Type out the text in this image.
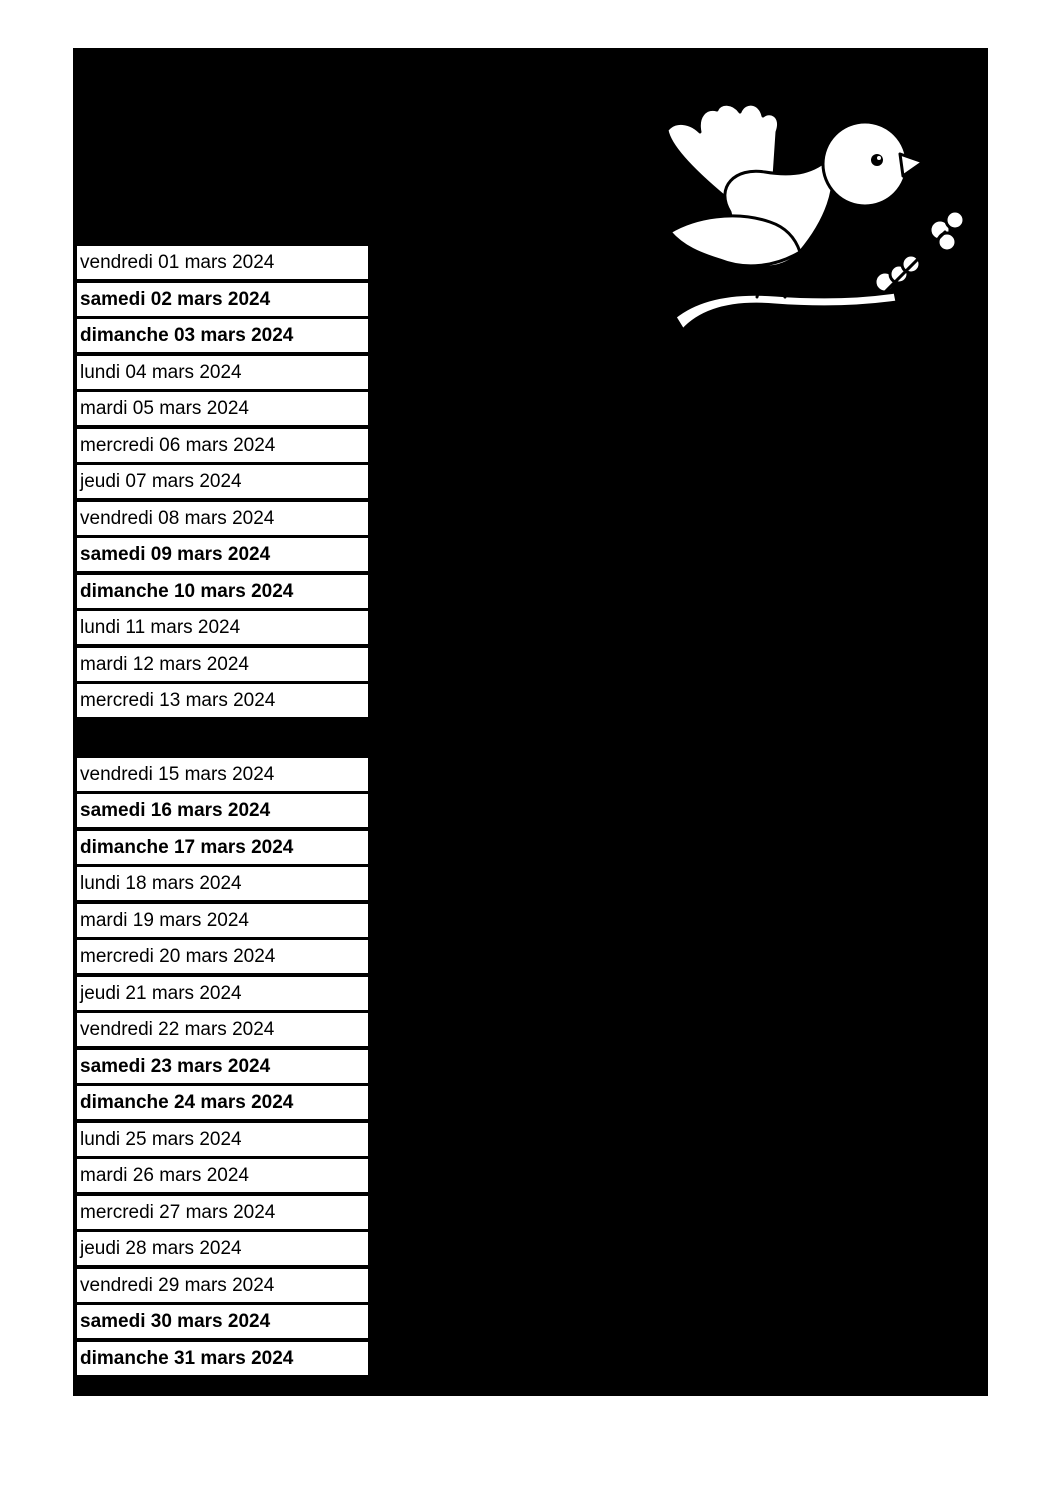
vendredi 01 mars 2024
samedi 02 mars 2024
dimanche 03 mars 2024
lundi 04 mars 2024
mardi 05 mars 2024
mercredi 06 mars 2024
jeudi 07 mars 2024
vendredi 08 mars 2024
samedi 09 mars 2024
dimanche 10 mars 2024
lundi 11 mars 2024
mardi 12 mars 2024
mercredi 13 mars 2024
vendredi 15 mars 2024
samedi 16 mars 2024
dimanche 17 mars 2024
lundi 18 mars 2024
mardi 19 mars 2024
mercredi 20 mars 2024
jeudi 21 mars 2024
vendredi 22 mars 2024
samedi 23 mars 2024
dimanche 24 mars 2024
lundi 25 mars 2024
mardi 26 mars 2024
mercredi 27 mars 2024
jeudi 28 mars 2024
vendredi 29 mars 2024
samedi 30 mars 2024
dimanche 31 mars 2024
